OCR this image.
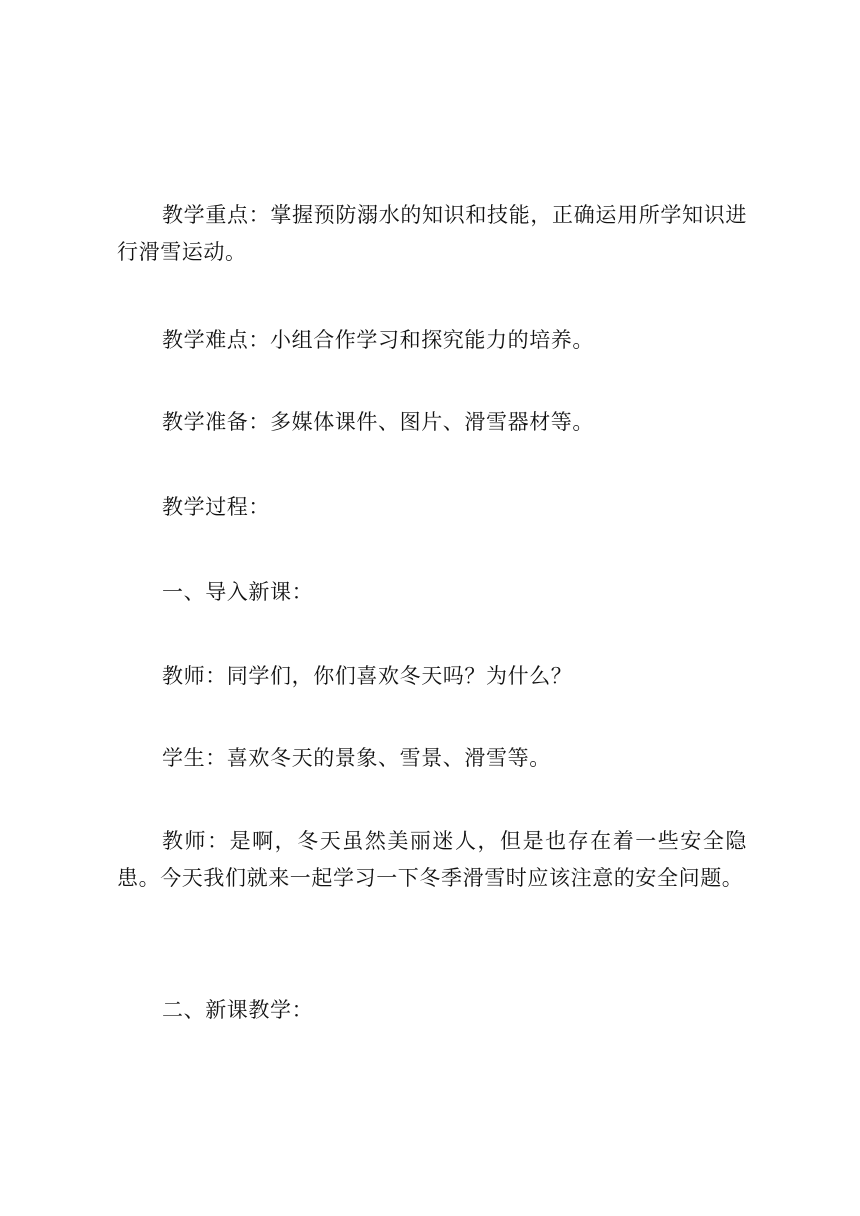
教学重点：掌握预防溺水的知识和技能，正确运用所学知识进行滑雪运动。

教学难点：小组合作学习和探究能力的培养。

教学准备：多媒体课件、图片、滑雪器材等。

教学过程：

一、导入新课：

教师：同学们，你们喜欢冬天吗？为什么？

学生：喜欢冬天的景象、雪景、滑雪等。

教师：是啊，冬天虽然美丽迷人，但是也存在着一些安全隐患。今天我们就来一起学习一下冬季滑雪时应该注意的安全问题。

二、新课教学：
